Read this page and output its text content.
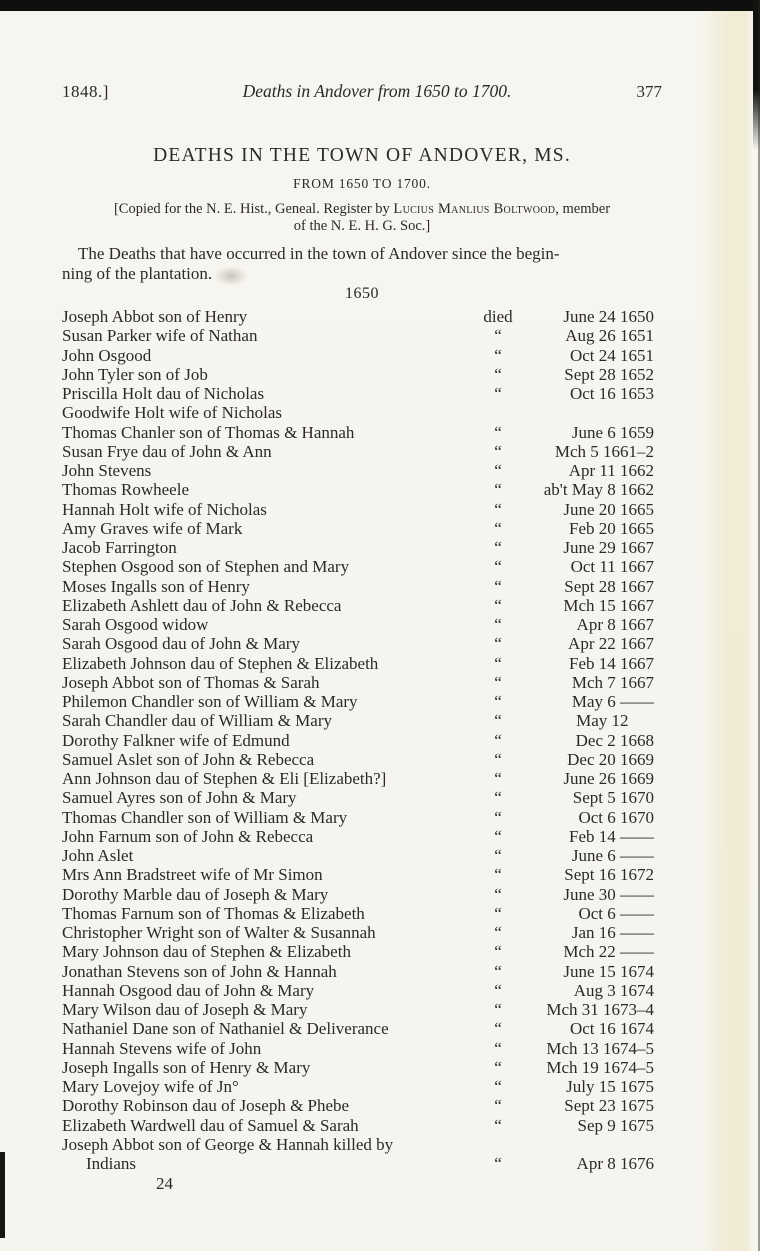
1848.]	Deaths in Andover from 1650 to 1700.	377
DEATHS IN THE TOWN OF ANDOVER, MS.
FROM 1650 TO 1700.
[Copied for the N. E. Hist., Geneal. Register by Lucius Manlius Boltwood, member
of the N. E. H. G. Soc.]
The Deaths that have occurred in the town of Andover since the begin-
ning of the plantation.
1650
Joseph Abbot son of Henry	died	June 24 1650
Susan Parker wife of Nathan	“	Aug 26 1651
John Osgood	“	Oct 24 1651
John Tyler son of Job	“	Sept 28 1652
Priscilla Holt dau of Nicholas	“	Oct 16 1653
Goodwife Holt wife of Nicholas
Thomas Chanler son of Thomas & Hannah	“	June 6 1659
Susan Frye dau of John & Ann	“	Mch 5 1661–2
John Stevens	“	Apr 11 1662
Thomas Rowheele	“	ab't May 8 1662
Hannah Holt wife of Nicholas	“	June 20 1665
Amy Graves wife of Mark	“	Feb 20 1665
Jacob Farrington	“	June 29 1667
Stephen Osgood son of Stephen and Mary	“	Oct 11 1667
Moses Ingalls son of Henry	“	Sept 28 1667
Elizabeth Ashlett dau of John & Rebecca	“	Mch 15 1667
Sarah Osgood widow	“	Apr 8 1667
Sarah Osgood dau of John & Mary	“	Apr 22 1667
Elizabeth Johnson dau of Stephen & Elizabeth	“	Feb 14 1667
Joseph Abbot son of Thomas & Sarah	“	Mch 7 1667
Philemon Chandler son of William & Mary	“	May 6 ——
Sarah Chandler dau of William & Mary	“	May 12  
Dorothy Falkner wife of Edmund	“	Dec 2 1668
Samuel Aslet son of John & Rebecca	“	Dec 20 1669
Ann Johnson dau of Stephen & Eli [Elizabeth?]	“	June 26 1669
Samuel Ayres son of John & Mary	“	Sept 5 1670
Thomas Chandler son of William & Mary	“	Oct 6 1670
John Farnum son of John & Rebecca	“	Feb 14 ——
John Aslet	“	June 6 ——
Mrs Ann Bradstreet wife of Mr Simon	“	Sept 16 1672
Dorothy Marble dau of Joseph & Mary	“	June 30 ——
Thomas Farnum son of Thomas & Elizabeth	“	Oct 6 ——
Christopher Wright son of Walter & Susannah	“	Jan 16 ——
Mary Johnson dau of Stephen & Elizabeth	“	Mch 22 ——
Jonathan Stevens son of John & Hannah	“	June 15 1674
Hannah Osgood dau of John & Mary	“	Aug 3 1674
Mary Wilson dau of Joseph & Mary	“	Mch 31 1673–4
Nathaniel Dane son of Nathaniel & Deliverance	“	Oct 16 1674
Hannah Stevens wife of John	“	Mch 13 1674–5
Joseph Ingalls son of Henry & Mary	“	Mch 19 1674–5
Mary Lovejoy wife of Jn°	“	July 15 1675
Dorothy Robinson dau of Joseph & Phebe	“	Sept 23 1675
Elizabeth Wardwell dau of Samuel & Sarah	“	Sep 9 1675
Joseph Abbot son of George & Hannah killed by
Indians	“	Apr 8 1676
24
